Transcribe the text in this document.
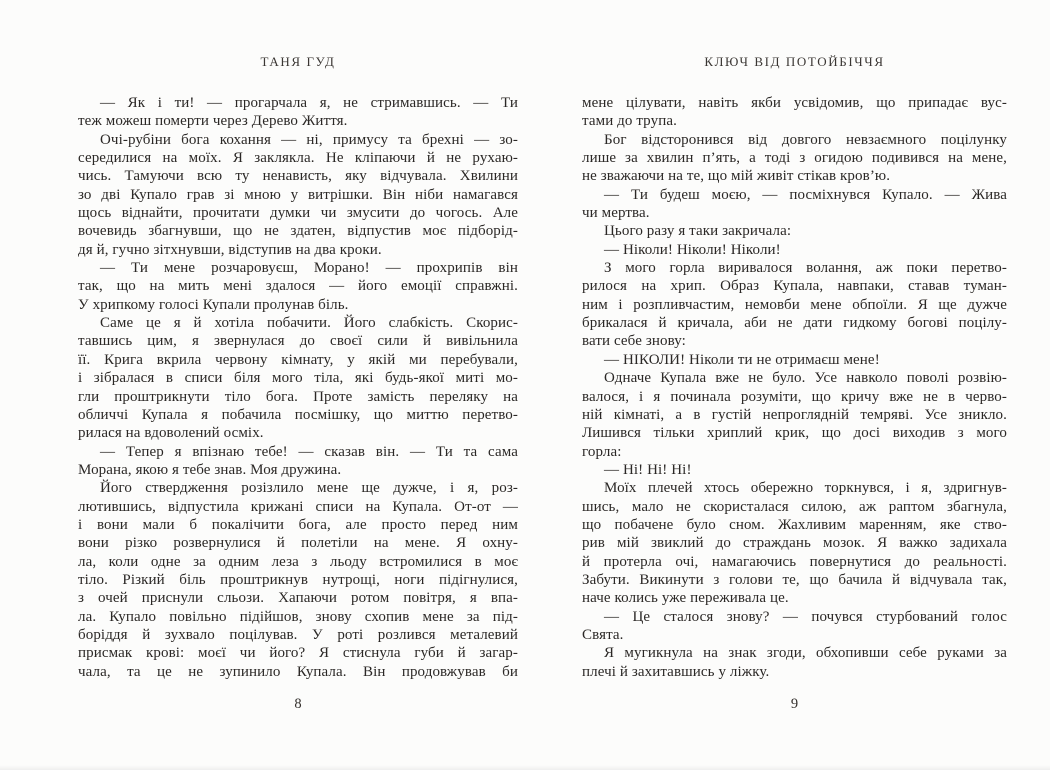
ТАНЯ ГУД
— Як і ти! — прогарчала я, не стримавшись. — Ти
теж можеш померти через Дерево Життя.
Очі-рубіни бога кохання — ні, примусу та брехні — зо-
середилися на моїх. Я заклякла. Не кліпаючи й не рухаю-
чись. Тамуючи всю ту ненависть, яку відчувала. Хвилини
зо дві Купало грав зі мною у витрішки. Він ніби намагався
щось віднайти, прочитати думки чи змусити до чогось. Але
вочевидь збагнувши, що не здатен, відпустив моє підборід-
дя й, гучно зітхнувши, відступив на два кроки.
— Ти мене розчаровуєш, Морано! — прохрипів він
так, що на мить мені здалося — його емоції справжні.
У хрипкому голосі Купали пролунав біль.
Саме це я й хотіла побачити. Його слабкість. Скорис-
тавшись цим, я звернулася до своєї сили й вивільнила
її. Крига вкрила червону кімнату, у якій ми перебували,
і зібралася в списи біля мого тіла, які будь-якої миті мо-
гли проштрикнути тіло бога. Проте замість переляку на
обличчі Купала я побачила посмішку, що миттю перетво-
рилася на вдоволений осміх.
— Тепер я впізнаю тебе! — сказав він. — Ти та сама
Морана, якою я тебе знав. Моя дружина.
Його ствердження розізлило мене ще дужче, і я, роз-
лютившись, відпустила крижані списи на Купала. От-от —
і вони мали б покалічити бога, але просто перед ним
вони різко розвернулися й полетіли на мене. Я охну-
ла, коли одне за одним леза з льоду встромилися в моє
тіло. Різкий біль проштрикнув нутрощі, ноги підігнулися,
з очей приснули сльози. Хапаючи ротом повітря, я впа-
ла. Купало повільно підійшов, знову схопив мене за під-
боріддя й зухвало поцілував. У роті розлився металевий
присмак крові: моєї чи його? Я стиснула губи й загар-
чала, та це не зупинило Купала. Він продовжував би
8
КЛЮЧ ВІД ПОТОЙБІЧЧЯ
мене цілувати, навіть якби усвідомив, що припадає вус-
тами до трупа.
Бог відсторонився від довгого невзаємного поцілунку
лише за хвилин п’ять, а тоді з огидою подивився на мене,
не зважаючи на те, що мій живіт стікав кров’ю.
— Ти будеш моєю, — посміхнувся Купало. — Жива
чи мертва.
Цього разу я таки закричала:
— Ніколи! Ніколи! Ніколи!
З мого горла виривалося волання, аж поки перетво-
рилося на хрип. Образ Купала, навпаки, ставав туман-
ним і розпливчастим, немовби мене обпоїли. Я ще дужче
брикалася й кричала, аби не дати гидкому богові поцілу-
вати себе знову:
— НІКОЛИ! Ніколи ти не отримаєш мене!
Одначе Купала вже не було. Усе навколо поволі розвію-
валося, і я починала розуміти, що кричу вже не в черво-
ній кімнаті, а в густій непроглядній темряві. Усе зникло.
Лишився тільки хриплий крик, що досі виходив з мого
горла:
— Ні! Ні! Ні!
Моїх плечей хтось обережно торкнувся, і я, здригнув-
шись, мало не скористалася силою, аж раптом збагнула,
що побачене було сном. Жахливим маренням, яке ство-
рив мій звиклий до страждань мозок. Я важко задихала
й протерла очі, намагаючись повернутися до реальності.
Забути. Викинути з голови те, що бачила й відчувала так,
наче колись уже переживала це.
— Це сталося знову? — почувся стурбований голос
Свята.
Я мугикнула на знак згоди, обхопивши себе руками за
плечі й захитавшись у ліжку.
9
